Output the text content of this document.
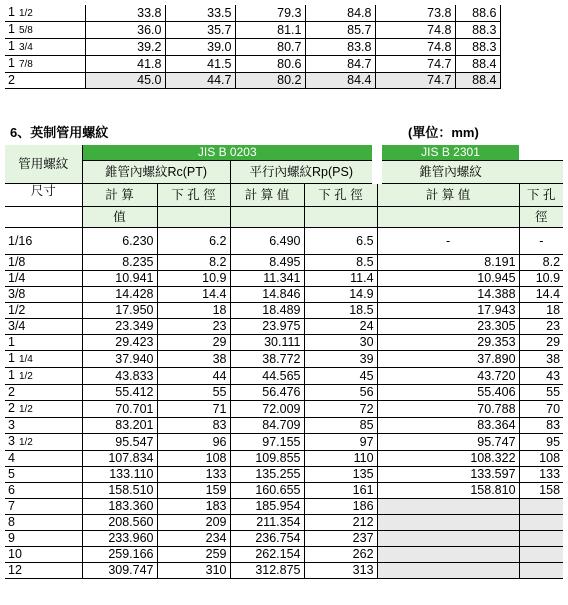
1 1/2	33.8	33.5	79.3	84.8	73.8	88.6	
1 5/8	36.0	35.7	81.1	85.7	74.8	88.3	
1 3/4	39.2	39.0	80.7	83.8	74.8	88.3	
1 7/8	41.8	41.5	80.6	84.7	74.7	88.4	
2	45.0	44.7	80.2	84.4	74.7	88.4	
6、英制管用螺紋	(單位：mm)
管用螺紋	JIS B 0203				JIS B 2301	
	錐管內螺紋Rc(PT)		平行內螺紋Rp(PS)		錐管內螺紋	
尺寸	計 算	下 孔 徑	計 算 值	下 孔 徑	計 算 值	下 孔
	值					徑
1/16	6.230	6.2	6.490	6.5	-	-
1/8	8.235	8.2	8.495	8.5	8.191	8.2
1/4	10.941	10.9	11.341	11.4	10.945	10.9
3/8	14.428	14.4	14.846	14.9	14.388	14.4
1/2	17.950	18	18.489	18.5	17.943	18
3/4	23.349	23	23.975	24	23.305	23
1	29.423	29	30.111	30	29.353	29
1 1/4	37.940	38	38.772	39	37.890	38
1 1/2	43.833	44	44.565	45	43.720	43
2	55.412	55	56.476	56	55.406	55
2 1/2	70.701	71	72.009	72	70.788	70
3	83.201	83	84.709	85	83.364	83
3 1/2	95.547	96	97.155	97	95.747	95
4	107.834	108	109.855	110	108.322	108
5	133.110	133	135.255	135	133.597	133
6	158.510	159	160.655	161	158.810	158
7	183.360	183	185.954	186		
8	208.560	209	211.354	212		
9	233.960	234	236.754	237		
10	259.166	259	262.154	262		
12	309.747	310	312.875	313		
